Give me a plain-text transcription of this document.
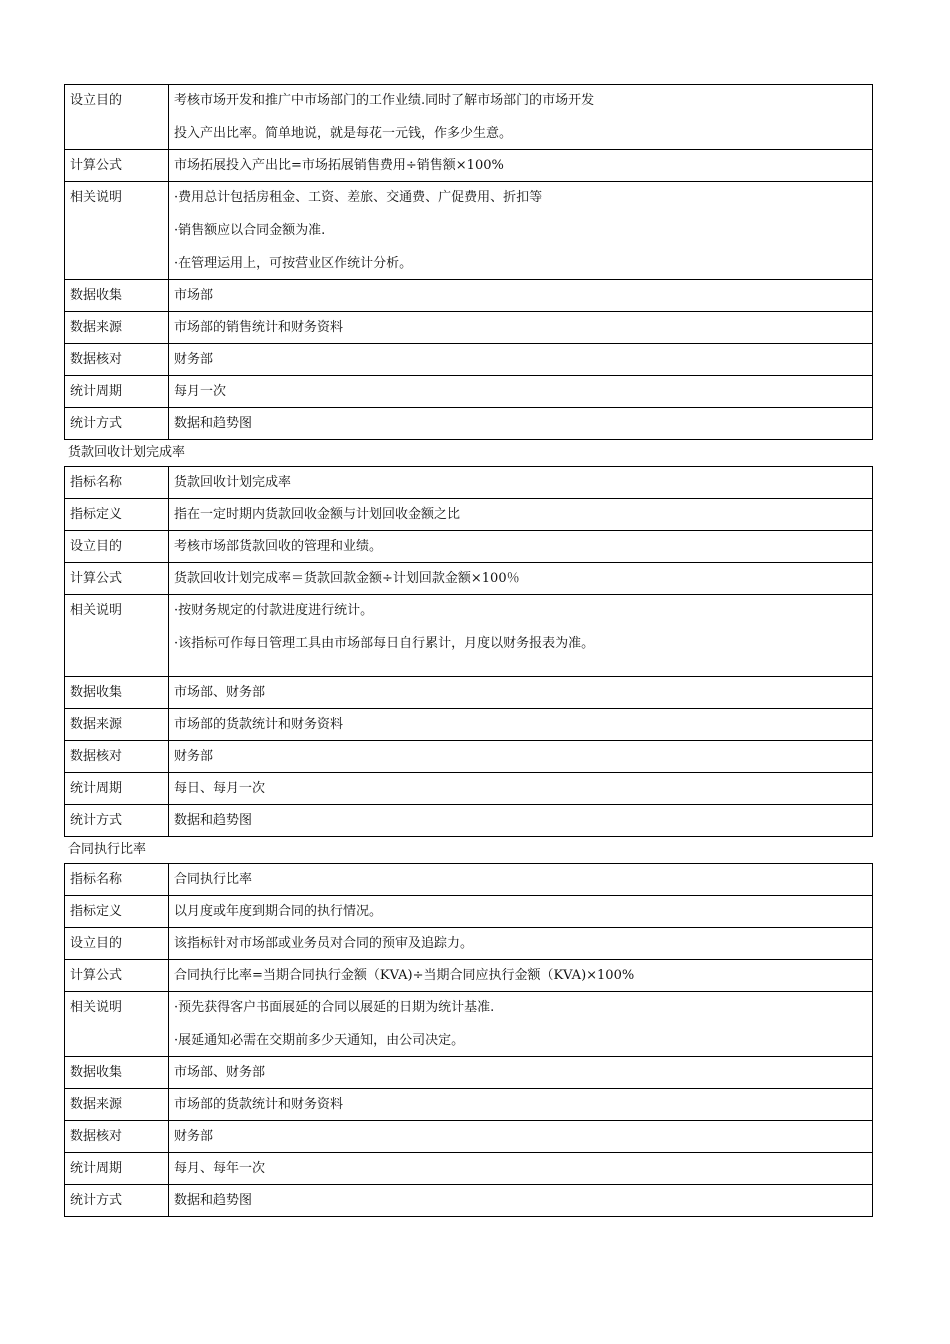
设立目的	考核市场开发和推广中市场部门的工作业绩.同时了解市场部门的市场开发
投入产出比率。简单地说，就是每花一元钱，作多少生意。

计算公式	市场拓展投入产出比=市场拓展销售费用÷销售额×100%

相关说明	·费用总计包括房租金、工资、差旅、交通费、广促费用、折扣等
·销售额应以合同金额为准.
·在管理运用上，可按营业区作统计分析。

数据收集	市场部

数据来源	市场部的销售统计和财务资料

数据核对	财务部

统计周期	每月一次

统计方式	数据和趋势图
货款回收计划完成率
指标名称	货款回收计划完成率

指标定义	指在一定时期内货款回收金额与计划回收金额之比

设立目的	考核市场部货款回收的管理和业绩。

计算公式	货款回收计划完成率＝货款回款金额÷计划回款金额×100％

相关说明	·按财务规定的付款进度进行统计。
·该指标可作每日管理工具由市场部每日自行累计，月度以财务报表为准。

数据收集	市场部、财务部

数据来源	市场部的货款统计和财务资料

数据核对	财务部

统计周期	每日、每月一次

统计方式	数据和趋势图
合同执行比率
指标名称	合同执行比率

指标定义	以月度或年度到期合同的执行情况。

设立目的	该指标针对市场部或业务员对合同的预审及追踪力。

计算公式	合同执行比率=当期合同执行金额（KVA)÷当期合同应执行金额（KVA)×100%

相关说明	·预先获得客户书面展延的合同以展延的日期为统计基准.
·展延通知必需在交期前多少天通知，由公司决定。

数据收集	市场部、财务部

数据来源	市场部的货款统计和财务资料

数据核对	财务部

统计周期	每月、每年一次

统计方式	数据和趋势图
